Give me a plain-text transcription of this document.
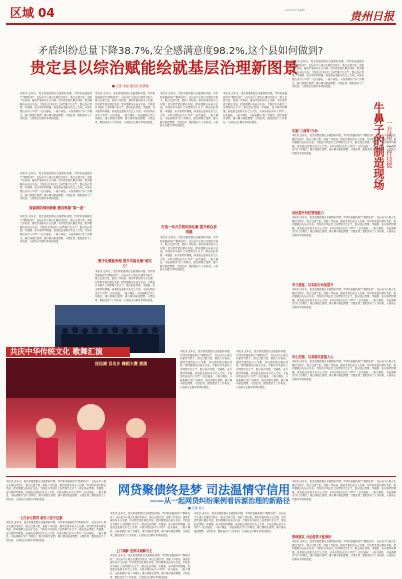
区域 04	贵州日报
2023年6月7日 星期三
矛盾纠纷总量下降38.7%,安全感满意度98.2%,这个县如何做到?
贵定县以综治赋能绘就基层治理新图景
■ 记者 李娟 通讯员 杨勇刚
本报讯 近年来，贵定县聚焦群众急难愁盼问题，坚持和发展新时代"枫桥经验"，以综治中心规范化建设为抓手，整合资源力量，创新工作机制，推动矛盾纠纷多元化解，切实把矛盾化解在基层、把问题解决在萌芽状态，不断提升基层社会治理现代化水平，群众的获得感、幸福感、安全感持续增强。县委政法委相关负责人介绍，全县各级综治中心坚持"一站式接收、一揽子调处、全链条解决"的工作模式，推行网格化管理，建立健全排查预警、分级处置、跟踪回访等工作机制，有效防范化解各类风险隐患。
本报讯 近年来，贵定县聚焦群众急难愁盼问题，坚持和发展新时代"枫桥经验"，以综治中心规范化建设为抓手，整合资源力量，创新工作机制，推动矛盾纠纷多元化解，切实把矛盾化解在基层、把问题解决在萌芽状态，不断提升基层社会治理现代化水平，群众的获得感、幸福感、安全感持续增强。县委政法委相关负责人介绍，全县各级综治中心坚持"一站式接收、一揽子调处、全链条解决"的工作模式，推行网格化管理，建立健全排查预警、分级处置、跟踪回访等工作机制，有效防范化解各类风险隐患。
探索群防群治新路 激活维稳"第一道"
本报讯 近年来，贵定县聚焦群众急难愁盼问题，坚持和发展新时代"枫桥经验"，以综治中心规范化建设为抓手，整合资源力量，创新工作机制，推动矛盾纠纷多元化解，切实把矛盾化解在基层、把问题解决在萌芽状态，不断提升基层社会治理现代化水平，群众的获得感、幸福感、安全感持续增强。县委政法委相关负责人介绍，全县各级综治中心坚持"一站式接收、一揽子调处、全链条解决"的工作模式，推行网格化管理，建立健全排查预警、分级处置、跟踪回访等工作机制，有效防范化解各类风险隐患。
本报讯 近年来，贵定县聚焦群众急难愁盼问题，坚持和发展新时代"枫桥经验"，以综治中心规范化建设为抓手，整合资源力量，创新工作机制，推动矛盾纠纷多元化解，切实把矛盾化解在基层、把问题解决在萌芽状态，不断提升基层社会治理现代化水平，群众的获得感、幸福感、安全感持续增强。县委政法委相关负责人介绍，全县各级综治中心坚持"一站式接收、一揽子调处、全链条解决"的工作模式，推行网格化管理，建立健全排查预警、分级处置、跟踪回访等工作机制，有效防范化解各类风险隐患。
数字化赋能治理 提升风险化解"硬实力"
本报讯 近年来，贵定县聚焦群众急难愁盼问题，坚持和发展新时代"枫桥经验"，以综治中心规范化建设为抓手，整合资源力量，创新工作机制，推动矛盾纠纷多元化解，切实把矛盾化解在基层、把问题解决在萌芽状态，不断提升基层社会治理现代化水平，群众的获得感、幸福感、安全感持续增强。县委政法委相关负责人介绍，全县各级综治中心坚持"一站式接收、一揽子调处、全链条解决"的工作模式，推行网格化管理，建立健全排查预警、分级处置、跟踪回访等工作机制，有效防范化解各类风险隐患。
本报讯 近年来，贵定县聚焦群众急难愁盼问题，坚持和发展新时代"枫桥经验"，以综治中心规范化建设为抓手，整合资源力量，创新工作机制，推动矛盾纠纷多元化解，切实把矛盾化解在基层、把问题解决在萌芽状态，不断提升基层社会治理现代化水平，群众的获得感、幸福感、安全感持续增强。县委政法委相关负责人介绍，全县各级综治中心坚持"一站式接收、一揽子调处、全链条解决"的工作模式，推行网格化管理，建立健全排查预警、分级处置、跟踪回访等工作机制，有效防范化解各类风险隐患。
打造一站式矛盾纠纷化解 提升群众获得感
本报讯 近年来，贵定县聚焦群众急难愁盼问题，坚持和发展新时代"枫桥经验"，以综治中心规范化建设为抓手，整合资源力量，创新工作机制，推动矛盾纠纷多元化解，切实把矛盾化解在基层、把问题解决在萌芽状态，不断提升基层社会治理现代化水平，群众的获得感、幸福感、安全感持续增强。县委政法委相关负责人介绍，全县各级综治中心坚持"一站式接收、一揽子调处、全链条解决"的工作模式，推行网格化管理，建立健全排查预警、分级处置、跟踪回访等工作机制，有效防范化解各类风险隐患。
本报讯 近年来，贵定县聚焦群众急难愁盼问题，坚持和发展新时代"枫桥经验"，以综治中心规范化建设为抓手，整合资源力量，创新工作机制，推动矛盾纠纷多元化解，切实把矛盾化解在基层、把问题解决在萌芽状态，不断提升基层社会治理现代化水平，群众的获得感、幸福感、安全感持续增强。县委政法委相关负责人介绍，全县各级综治中心坚持"一站式接收、一揽子调处、全链条解决"的工作模式，推行网格化管理，建立健全排查预警、分级处置、跟踪回访等工作机制，有效防范化解各类风险隐患。
本报讯 近年来，贵定县聚焦群众急难愁盼问题，坚持和发展新时代"枫桥经验"，以综治中心规范化建设为抓手，整合资源力量，创新工作机制，推动矛盾纠纷多元化解，切实把矛盾化解在基层、把问题解决在萌芽状态，不断提升基层社会治理现代化水平，群众的获得感、幸福感、安全感持续增强。县委政法委相关负责人介绍，全县各级综治中心坚持"一站式接收、一揽子调处、全链条解决"的工作模式，推行网格化管理，建立健全排查预警、分级处置、跟踪回访等工作机制，有效防范化解各类风险隐患。
牛鼻子的制造现场 一方法、一样技能
实施"三清零"行动
本报讯 近年来，贵定县聚焦群众急难愁盼问题，坚持和发展新时代"枫桥经验"，以综治中心规范化建设为抓手，整合资源力量，创新工作机制，推动矛盾纠纷多元化解，切实把矛盾化解在基层、把问题解决在萌芽状态，不断提升基层社会治理现代化水平，群众的获得感、幸福感、安全感持续增强。县委政法委相关负责人介绍，全县各级综治中心坚持"一站式接收、一揽子调处、全链条解决"的工作模式，推行网格化管理，建立健全排查预警、分级处置、跟踪回访等工作机制，有效防范化解各类风险隐患。
加快提升科技管理能力
本报讯 近年来，贵定县聚焦群众急难愁盼问题，坚持和发展新时代"枫桥经验"，以综治中心规范化建设为抓手，整合资源力量，创新工作机制，推动矛盾纠纷多元化解，切实把矛盾化解在基层、把问题解决在萌芽状态，不断提升基层社会治理现代化水平，群众的获得感、幸福感、安全感持续增强。县委政法委相关负责人介绍，全县各级综治中心坚持"一站式接收、一揽子调处、全链条解决"的工作模式，推行网格化管理，建立健全排查预警、分级处置、跟踪回访等工作机制，有效防范化解各类风险隐患。
学习借鉴，以实际行动促提升
本报讯 近年来，贵定县聚焦群众急难愁盼问题，坚持和发展新时代"枫桥经验"，以综治中心规范化建设为抓手，整合资源力量，创新工作机制，推动矛盾纠纷多元化解，切实把矛盾化解在基层、把问题解决在萌芽状态，不断提升基层社会治理现代化水平，群众的获得感、幸福感、安全感持续增强。县委政法委相关负责人介绍，全县各级综治中心坚持"一站式接收、一揽子调处、全链条解决"的工作模式，推行网格化管理，建立健全排查预警、分级处置、跟踪回访等工作机制，有效防范化解各类风险隐患。
用心用情，以真情实意稳人心
本报讯 近年来，贵定县聚焦群众急难愁盼问题，坚持和发展新时代"枫桥经验"，以综治中心规范化建设为抓手，整合资源力量，创新工作机制，推动矛盾纠纷多元化解，切实把矛盾化解在基层、把问题解决在萌芽状态，不断提升基层社会治理现代化水平，群众的获得感、幸福感、安全感持续增强。县委政法委相关负责人介绍，全县各级综治中心坚持"一站式接收、一揽子调处、全链条解决"的工作模式，推行网格化管理，建立健全排查预警、分级处置、跟踪回访等工作机制，有效防范化解各类风险隐患。
共庆中华传统文化 歌舞汇演
抚仙湖 百名乡 舞蹈大赛 展演
本报讯 近年来，贵定县聚焦群众急难愁盼问题，坚持和发展新时代"枫桥经验"，以综治中心规范化建设为抓手，整合资源力量，创新工作机制，推动矛盾纠纷多元化解，切实把矛盾化解在基层、把问题解决在萌芽状态，不断提升基层社会治理现代化水平，群众的获得感、幸福感、安全感持续增强。县委政法委相关负责人介绍，全县各级综治中心坚持"一站式接收、一揽子调处、全链条解决"的工作模式，推行网格化管理，建立健全排查预警、分级处置、跟踪回访等工作机制，有效防范化解各类风险隐患。
本报讯 近年来，贵定县聚焦群众急难愁盼问题，坚持和发展新时代"枫桥经验"，以综治中心规范化建设为抓手，整合资源力量，创新工作机制，推动矛盾纠纷多元化解，切实把矛盾化解在基层、把问题解决在萌芽状态，不断提升基层社会治理现代化水平，群众的获得感、幸福感、安全感持续增强。县委政法委相关负责人介绍，全县各级综治中心坚持"一站式接收、一揽子调处、全链条解决"的工作模式，推行网格化管理，建立健全排查预警、分级处置、跟踪回访等工作机制，有效防范化解各类风险隐患。
网贷聚债终是梦 司法温情守信用
——从一起网贷纠纷案例看诉源治理的新路径
■ 记者 杨兰
本报讯 近年来，贵定县聚焦群众急难愁盼问题，坚持和发展新时代"枫桥经验"，以综治中心规范化建设为抓手，整合资源力量，创新工作机制，推动矛盾纠纷多元化解，切实把矛盾化解在基层、把问题解决在萌芽状态，不断提升基层社会治理现代化水平，群众的获得感、幸福感、安全感持续增强。县委政法委相关负责人介绍，全县各级综治中心坚持"一站式接收、一揽子调处、全链条解决"的工作模式，推行网格化管理，建立健全排查预警、分级处置、跟踪回访等工作机制，有效防范化解各类风险隐患。
七百余元网贷 被告人拒不还款
本报讯 近年来，贵定县聚焦群众急难愁盼问题，坚持和发展新时代"枫桥经验"，以综治中心规范化建设为抓手，整合资源力量，创新工作机制，推动矛盾纠纷多元化解，切实把矛盾化解在基层、把问题解决在萌芽状态，不断提升基层社会治理现代化水平，群众的获得感、幸福感、安全感持续增强。县委政法委相关负责人介绍，全县各级综治中心坚持"一站式接收、一揽子调处、全链条解决"的工作模式，推行网格化管理，建立健全排查预警、分级处置、跟踪回访等工作机制，有效防范化解各类风险隐患。
本报讯 近年来，贵定县聚焦群众急难愁盼问题，坚持和发展新时代"枫桥经验"，以综治中心规范化建设为抓手，整合资源力量，创新工作机制，推动矛盾纠纷多元化解，切实把矛盾化解在基层、把问题解决在萌芽状态，不断提升基层社会治理现代化水平，群众的获得感、幸福感、安全感持续增强。县委政法委相关负责人介绍，全县各级综治中心坚持"一站式接收、一揽子调处、全链条解决"的工作模式，推行网格化管理，建立健全排查预警、分级处置、跟踪回访等工作机制，有效防范化解各类风险隐患。
上门调解 坚持以调解为主
本报讯 近年来，贵定县聚焦群众急难愁盼问题，坚持和发展新时代"枫桥经验"，以综治中心规范化建设为抓手，整合资源力量，创新工作机制，推动矛盾纠纷多元化解，切实把矛盾化解在基层、把问题解决在萌芽状态，不断提升基层社会治理现代化水平，群众的获得感、幸福感、安全感持续增强。县委政法委相关负责人介绍，全县各级综治中心坚持"一站式接收、一揽子调处、全链条解决"的工作模式，推行网格化管理，建立健全排查预警、分级处置、跟踪回访等工作机制，有效防范化解各类风险隐患。
本报讯 近年来，贵定县聚焦群众急难愁盼问题，坚持和发展新时代"枫桥经验"，以综治中心规范化建设为抓手，整合资源力量，创新工作机制，推动矛盾纠纷多元化解，切实把矛盾化解在基层、把问题解决在萌芽状态，不断提升基层社会治理现代化水平，群众的获得感、幸福感、安全感持续增强。县委政法委相关负责人介绍，全县各级综治中心坚持"一站式接收、一揽子调处、全链条解决"的工作模式，推行网格化管理，建立健全排查预警、分级处置、跟踪回访等工作机制，有效防范化解各类风险隐患。
本报讯 近年来，贵定县聚焦群众急难愁盼问题，坚持和发展新时代"枫桥经验"，以综治中心规范化建设为抓手，整合资源力量，创新工作机制，推动矛盾纠纷多元化解，切实把矛盾化解在基层、把问题解决在萌芽状态，不断提升基层社会治理现代化水平，群众的获得感、幸福感、安全感持续增强。县委政法委相关负责人介绍，全县各级综治中心坚持"一站式接收、一揽子调处、全链条解决"的工作模式，推行网格化管理，建立健全排查预警、分级处置、跟踪回访等工作机制，有效防范化解各类风险隐患。
律师建议 合法借贷才能维权
本报讯 近年来，贵定县聚焦群众急难愁盼问题，坚持和发展新时代"枫桥经验"，以综治中心规范化建设为抓手，整合资源力量，创新工作机制，推动矛盾纠纷多元化解，切实把矛盾化解在基层、把问题解决在萌芽状态，不断提升基层社会治理现代化水平，群众的获得感、幸福感、安全感持续增强。县委政法委相关负责人介绍，全县各级综治中心坚持"一站式接收、一揽子调处、全链条解决"的工作模式，推行网格化管理，建立健全排查预警、分级处置、跟踪回访等工作机制，有效防范化解各类风险隐患。
